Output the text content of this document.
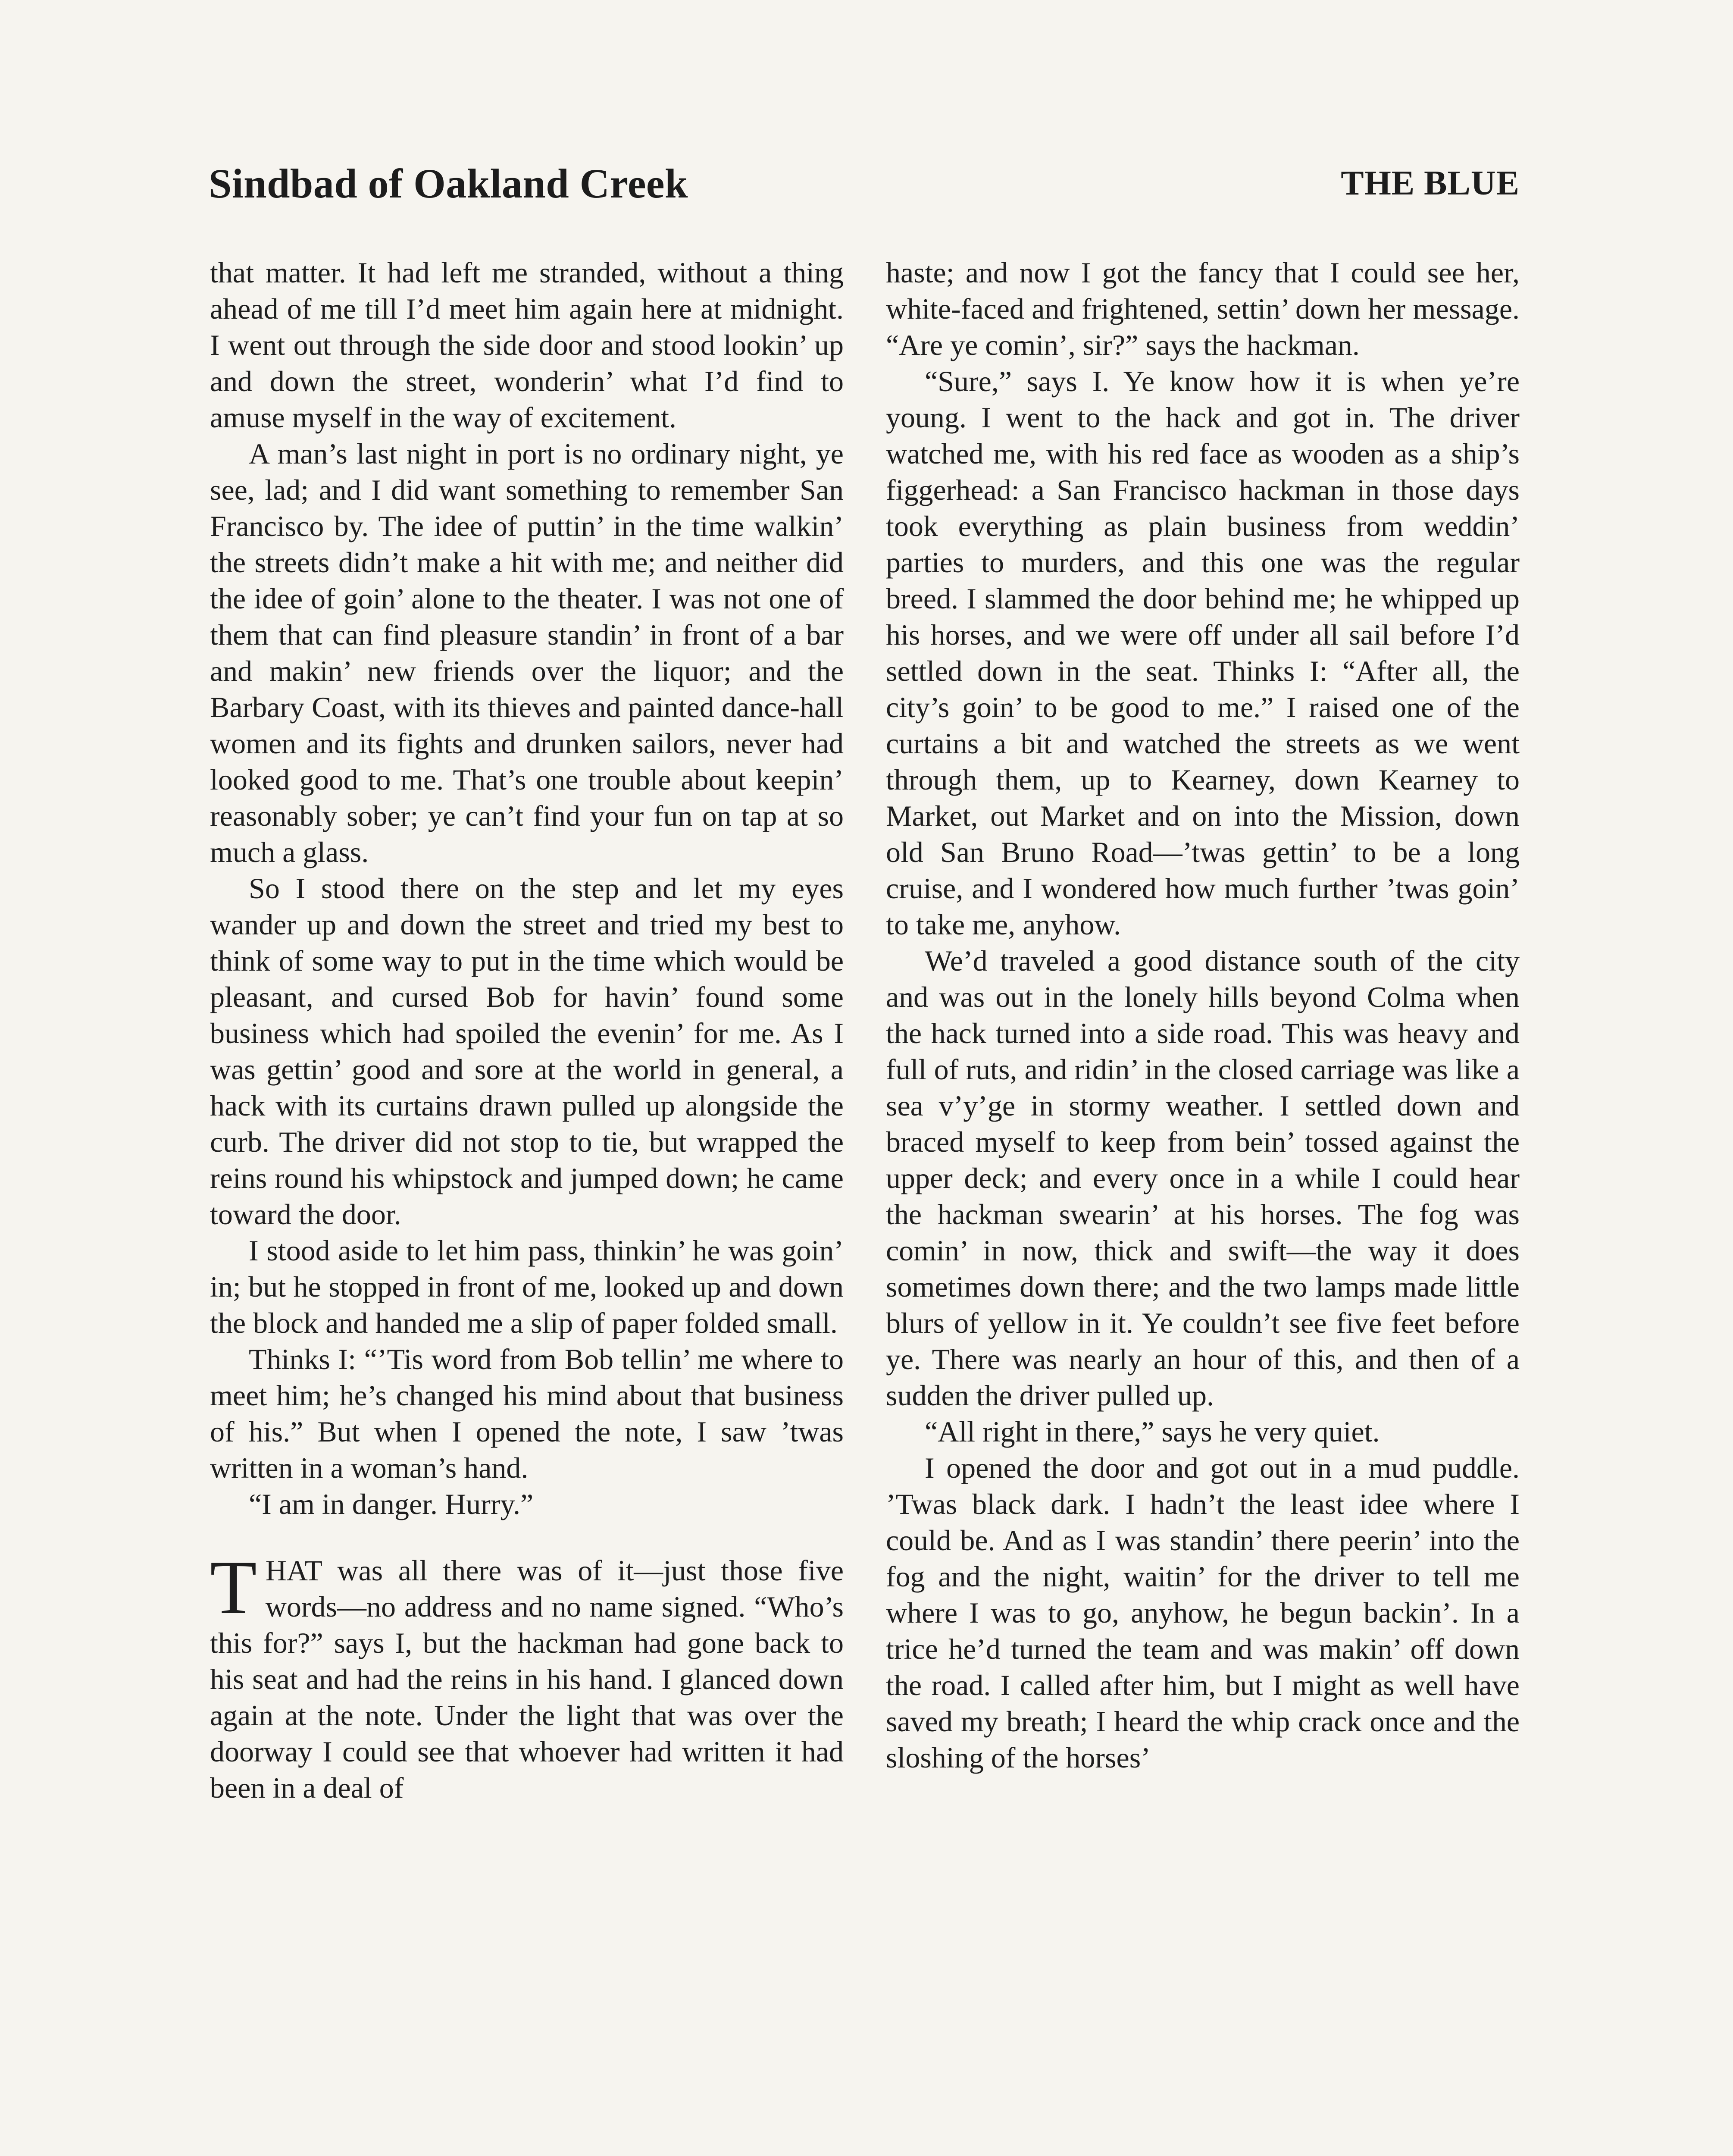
Sindbad of Oakland Creek	THE BLUE

that matter. It had left me stranded, without a thing ahead of me till I’d meet him again here at midnight. I went out through the side door and stood lookin’ up and down the street, wonderin’ what I’d find to amuse myself in the way of excitement.

A man’s last night in port is no ordinary night, ye see, lad; and I did want something to remember San Francisco by. The idee of puttin’ in the time walkin’ the streets didn’t make a hit with me; and neither did the idee of goin’ alone to the theater. I was not one of them that can find pleasure standin’ in front of a bar and makin’ new friends over the liquor; and the Barbary Coast, with its thieves and painted dance-hall women and its fights and drunken sailors, never had looked good to me. That’s one trouble about keepin’ reasonably sober; ye can’t find your fun on tap at so much a glass.

So I stood there on the step and let my eyes wander up and down the street and tried my best to think of some way to put in the time which would be pleasant, and cursed Bob for havin’ found some business which had spoiled the evenin’ for me. As I was gettin’ good and sore at the world in general, a hack with its curtains drawn pulled up alongside the curb. The driver did not stop to tie, but wrapped the reins round his whipstock and jumped down; he came toward the door.

I stood aside to let him pass, thinkin’ he was goin’ in; but he stopped in front of me, looked up and down the block and handed me a slip of paper folded small.

Thinks I: “’Tis word from Bob tellin’ me where to meet him; he’s changed his mind about that business of his.” But when I opened the note, I saw ’twas written in a woman’s hand.

“I am in danger. Hurry.”

THAT was all there was of it—just those five words—no address and no name signed. “Who’s this for?” says I, but the hackman had gone back to his seat and had the reins in his hand. I glanced down again at the note. Under the light that was over the doorway I could see that whoever had written it had been in a deal of

haste; and now I got the fancy that I could see her, white-faced and frightened, settin’ down her message. “Are ye comin’, sir?” says the hackman.

“Sure,” says I. Ye know how it is when ye’re young. I went to the hack and got in. The driver watched me, with his red face as wooden as a ship’s figgerhead: a San Francisco hackman in those days took everything as plain business from weddin’ parties to murders, and this one was the regular breed. I slammed the door behind me; he whipped up his horses, and we were off under all sail before I’d settled down in the seat. Thinks I: “After all, the city’s goin’ to be good to me.” I raised one of the curtains a bit and watched the streets as we went through them, up to Kearney, down Kearney to Market, out Market and on into the Mission, down old San Bruno Road—’twas gettin’ to be a long cruise, and I wondered how much further ’twas goin’ to take me, anyhow.

We’d traveled a good distance south of the city and was out in the lonely hills beyond Colma when the hack turned into a side road. This was heavy and full of ruts, and ridin’ in the closed carriage was like a sea v’y’ge in stormy weather. I settled down and braced myself to keep from bein’ tossed against the upper deck; and every once in a while I could hear the hackman swearin’ at his horses. The fog was comin’ in now, thick and swift—the way it does sometimes down there; and the two lamps made little blurs of yellow in it. Ye couldn’t see five feet before ye. There was nearly an hour of this, and then of a sudden the driver pulled up.

“All right in there,” says he very quiet.

I opened the door and got out in a mud puddle. ’Twas black dark. I hadn’t the least idee where I could be. And as I was standin’ there peerin’ into the fog and the night, waitin’ for the driver to tell me where I was to go, anyhow, he begun backin’. In a trice he’d turned the team and was makin’ off down the road. I called after him, but I might as well have saved my breath; I heard the whip crack once and the sloshing of the horses’
